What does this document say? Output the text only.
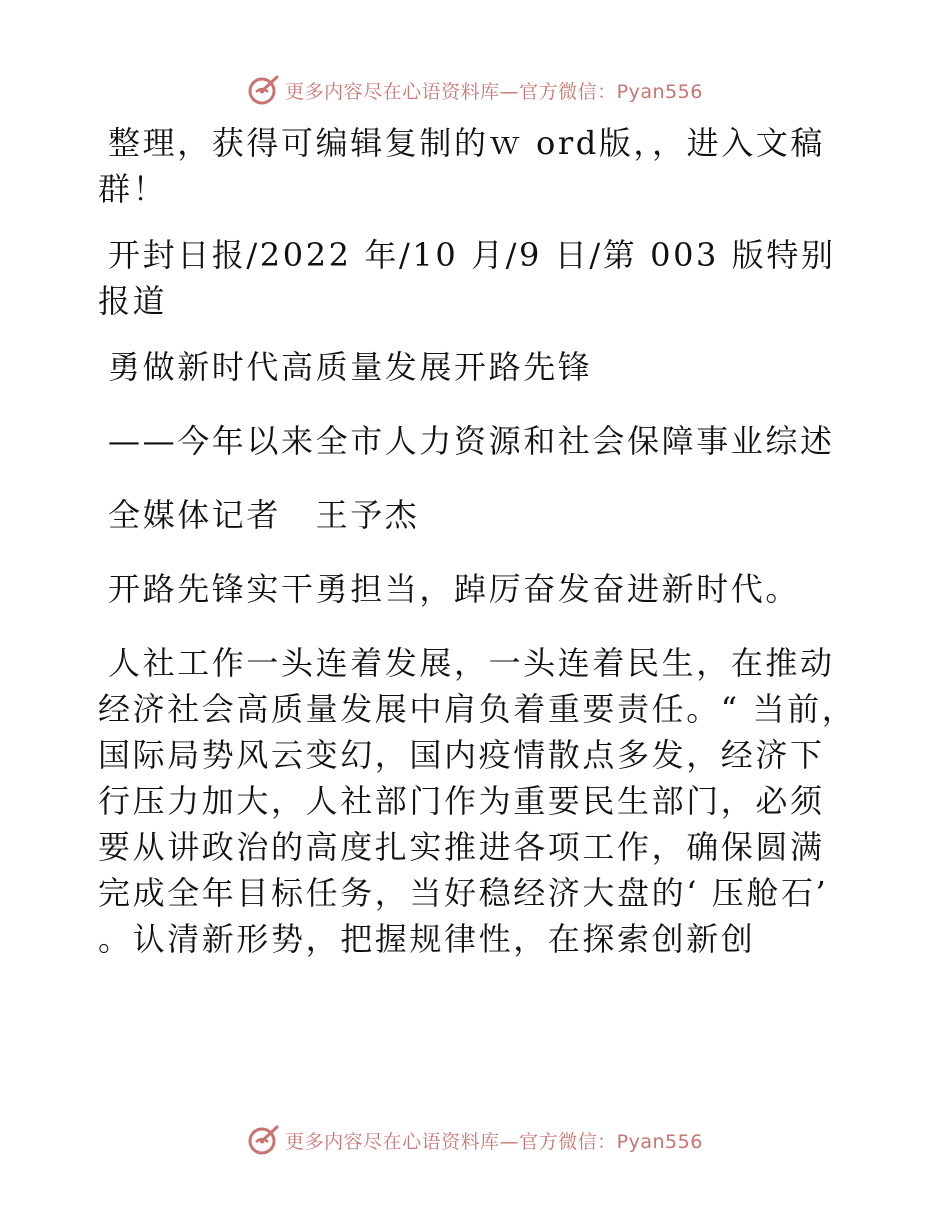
更多内容尽在心语资料库—官方微信：Pyan556

整理，获得可编辑复制的ｗ ord版，，进入文稿群！

开封日报/2022 年/10 月/9 日/第 003 版特别报道

勇做新时代高质量发展开路先锋

——今年以来全市人力资源和社会保障事业综述

全媒体记者　王予杰

开路先锋实干勇担当，踔厉奋发奋进新时代。

人社工作一头连着发展，一头连着民生，在推动经济社会高质量发展中肩负着重要责任。“ 当前，国际局势风云变幻，国内疫情散点多发，经济下行压力加大，人社部门作为重要民生部门，必须要从讲政治的高度扎实推进各项工作，确保圆满完成全年目标任务，当好稳经济大盘的‘ 压舱石’ 。认清新形势，把握规律性，在探索创新创

更多内容尽在心语资料库—官方微信：Pyan556
